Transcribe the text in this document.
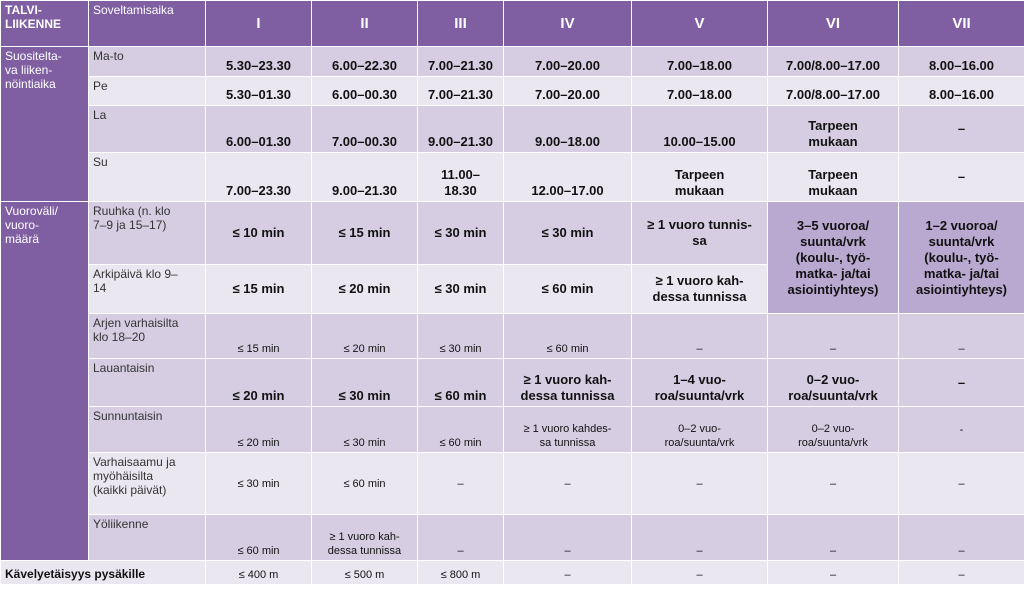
TALVI-
LIIKENNE	Soveltamisaika	I	II	III	IV	V	VI	VII
Suositelta-
va liiken-
nöintiaika	Ma-to	5.30–23.30	6.00–22.30	7.00–21.30	7.00–20.00	7.00–18.00	7.00/8.00–17.00	8.00–16.00
	Pe	5.30–01.30	6.00–00.30	7.00–21.30	7.00–20.00	7.00–18.00	7.00/8.00–17.00	8.00–16.00
	La	6.00–01.30	7.00–00.30	9.00–21.30	9.00–18.00	10.00–15.00	Tarpeen
mukaan	–
	Su	7.00–23.30	9.00–21.30	11.00–
18.30	12.00–17.00	Tarpeen
mukaan	Tarpeen
mukaan	–
Vuoroväli/
vuoro-
määrä	Ruuhka (n. klo
7–9 ja 15–17)	≤ 10 min	≤ 15 min	≤ 30 min	≤ 30 min	≥ 1 vuoro tunnis-
sa	3–5 vuoroa/
suunta/vrk
(koulu-, työ-
matka- ja/tai
asiointiyhteys)	1–2 vuoroa/
suunta/vrk
(koulu-, työ-
matka- ja/tai
asiointiyhteys)
	Arkipäivä klo 9–
14	≤ 15 min	≤ 20 min	≤ 30 min	≤ 60 min	≥ 1 vuoro kah-
dessa tunnissa		
	Arjen varhaisilta
klo 18–20	≤ 15 min	≤ 20 min	≤ 30 min	≤ 60 min	–	–	–
	Lauantaisin	≤ 20 min	≤ 30 min	≤ 60 min	≥ 1 vuoro kah-
dessa tunnissa	1–4 vuo-
roa/suunta/vrk	0–2 vuo-
roa/suunta/vrk	–
	Sunnuntaisin	≤ 20 min	≤ 30 min	≤ 60 min	≥ 1 vuoro kahdes-
sa tunnissa	0–2 vuo-
roa/suunta/vrk	0–2 vuo-
roa/suunta/vrk	-
	Varhaisaamu ja
myöhäisilta
(kaikki päivät)	≤ 30 min	≤ 60 min	–	–	–	–	–
	Yöliikenne	≤ 60 min	≥ 1 vuoro kah-
dessa tunnissa	–	–	–	–	–
Kävelyetäisyys pysäkille		≤ 400 m	≤ 500 m	≤ 800 m	–	–	–	–
